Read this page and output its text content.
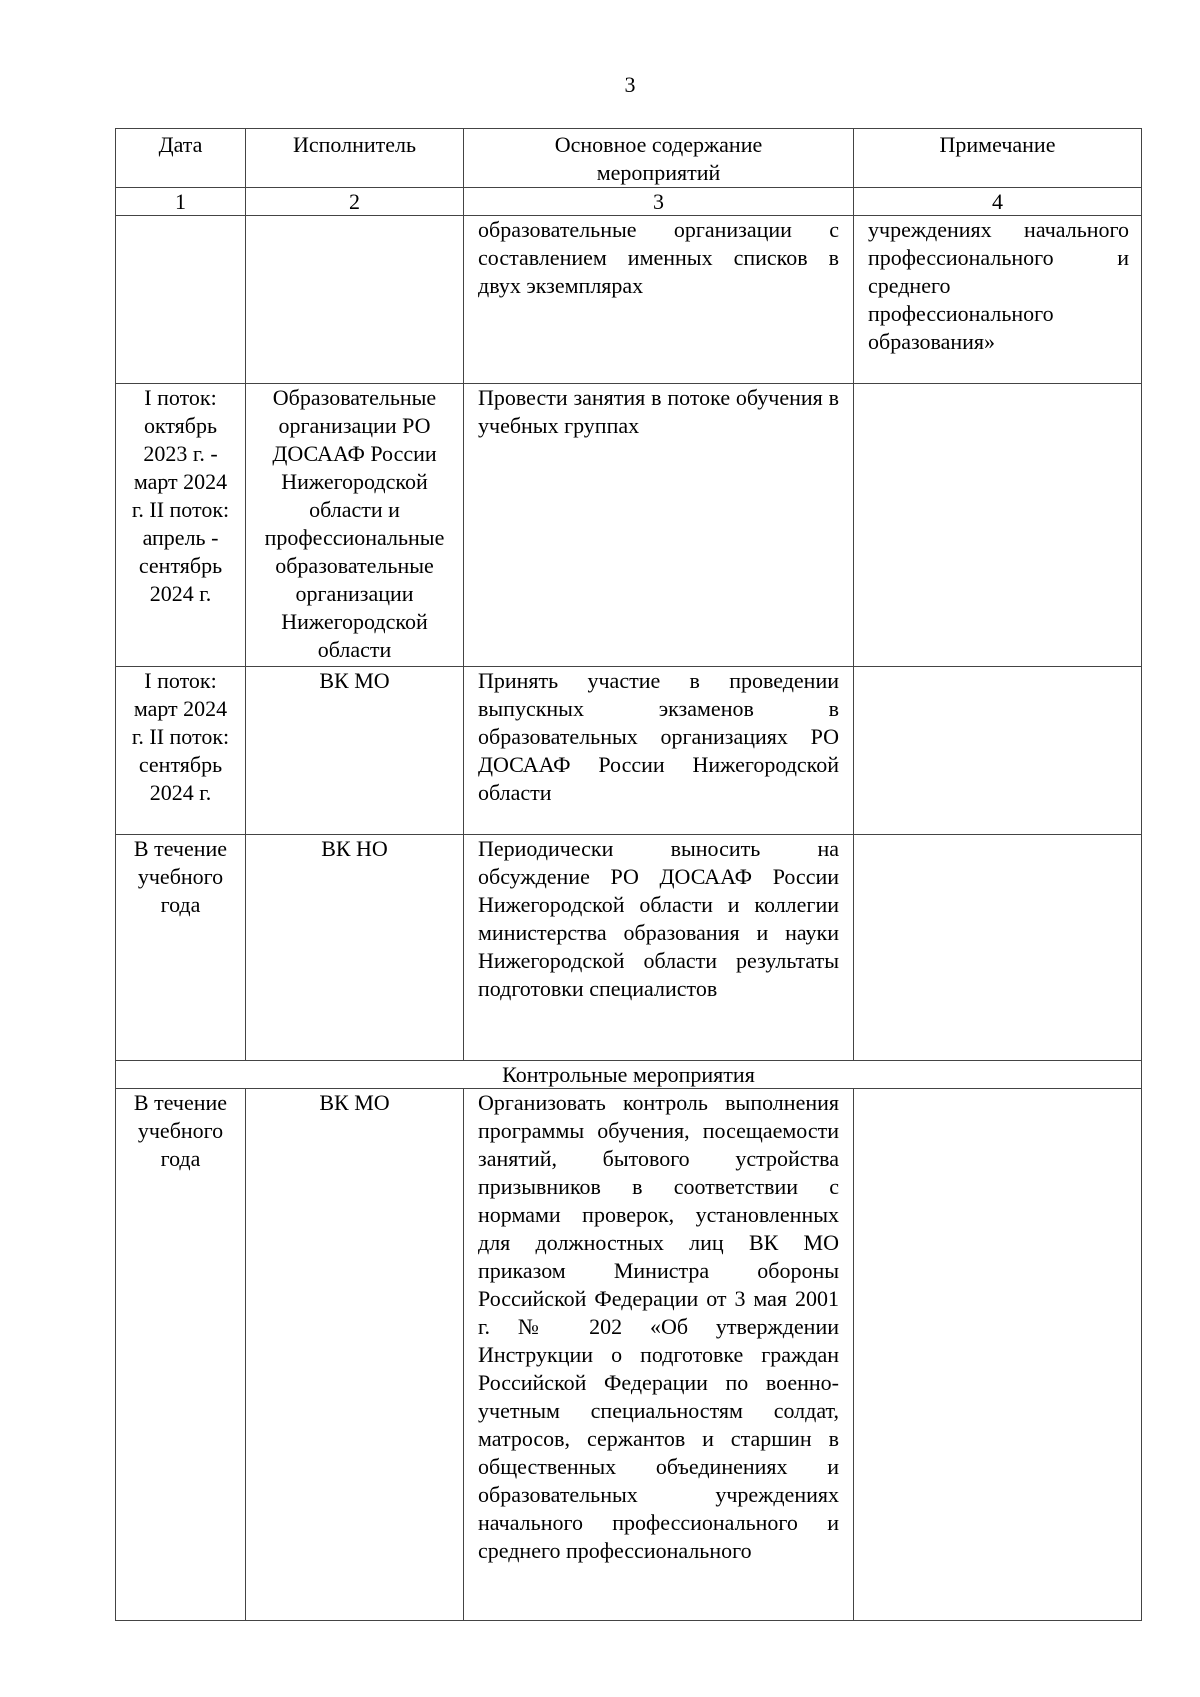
3
Дата	Исполнитель	Основное содержание мероприятий	Примечание
1	2	3	4
		образовательные организации с составлением именных списков в двух экземплярах	учреждениях начального профессионального и среднего профессионального образования»
I поток: октябрь 2023 г. - март 2024 г. II поток: апрель - сентябрь 2024 г.	Образовательные организации РО ДОСААФ России Нижегородской области и профессиональные образовательные организации Нижегородской области	Провести занятия в потоке обучения в учебных группах	
I поток: март 2024 г. II поток: сентябрь 2024 г.	ВК МО	Принять участие в проведении выпускных экзаменов в образовательных организациях РО ДОСААФ России Нижегородской области	
В течение учебного года	ВК НО	Периодически выносить на обсуждение РО ДОСААФ России Нижегородской области и коллегии министерства образования и науки Нижегородской области результаты подготовки специалистов	
Контрольные мероприятия			
В течение учебного года	ВК МО	Организовать контроль выполнения программы обучения, посещаемости занятий, бытового устройства призывников в соответствии с нормами проверок, установленных для должностных лиц ВК МО приказом Министра обороны Российской Федерации от 3 мая 2001 г. № 202 «Об утверждении Инструкции о подготовке граждан Российской Федерации по военно-учетным специальностям солдат, матросов, сержантов и старшин в общественных объединениях и образовательных учреждениях начального профессионального и среднего профессионального	
